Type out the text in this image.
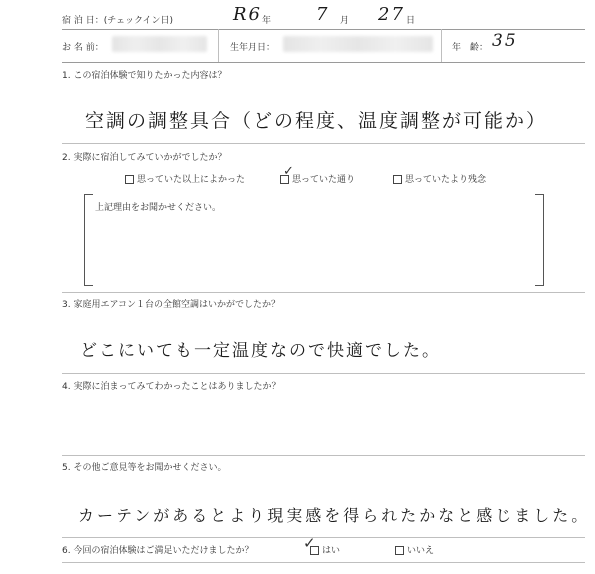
宿 泊 日：(チェックイン日)	R6 年 7 月 27 日
お 名 前：	生年月日：	年　齢： 35
1. この宿泊体験で知りたかった内容は？
空調の調整具合（どの程度、温度調整が可能か）
2. 実際に宿泊してみていかがでしたか？
思っていた以上によかった	思っていた通り
✓
思っていたより残念
上記理由をお聞かせください。
3. 家庭用エアコン１台の全館空調はいかがでしたか？
どこにいても一定温度なので快適でした。
4. 実際に泊まってみてわかったことはありましたか？
5. その他ご意見等をお聞かせください。
カーテンがあるとより現実感を得られたかなと感じました。
6. 今回の宿泊体験はご満足いただけましたか？	はい
✓	いいえ
